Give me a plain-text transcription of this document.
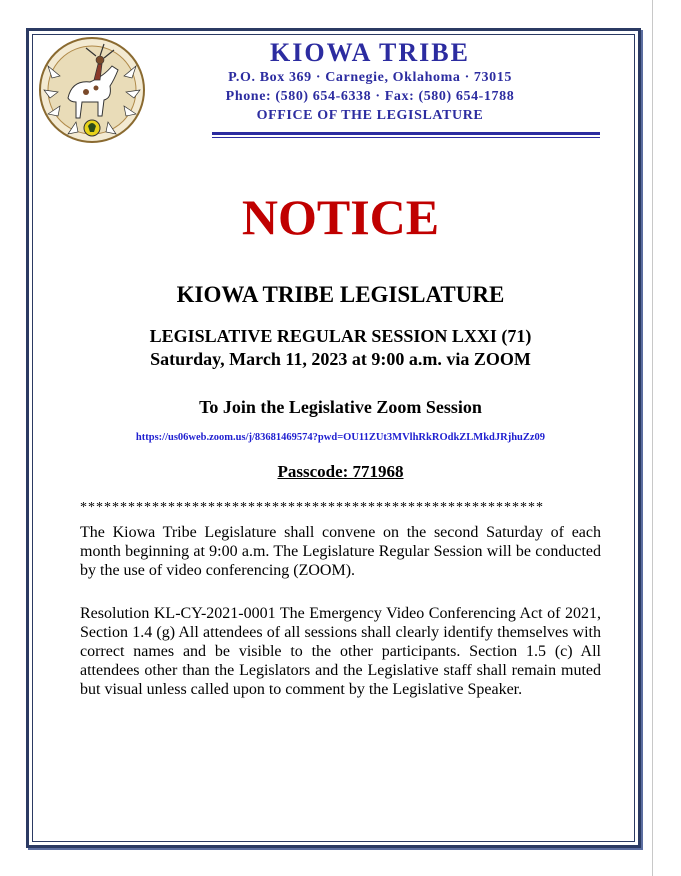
KIOWA TRIBE
P.O. Box 369 · Carnegie, Oklahoma · 73015
Phone: (580) 654-6338 · Fax: (580) 654-1788
OFFICE OF THE LEGISLATURE
NOTICE
KIOWA TRIBE LEGISLATURE
LEGISLATIVE REGULAR SESSION LXXI (71)
Saturday, March 11, 2023 at 9:00 a.m. via ZOOM
To Join the Legislative Zoom Session
https://us06web.zoom.us/j/83681469574?pwd=OU11ZUt3MVlhRkROdkZLMkdJRjhuZz09
Passcode: 771968
**********************************************************
The Kiowa Tribe Legislature shall convene on the second Saturday of each month beginning at 9:00 a.m. The Legislature Regular Session will be conducted by the use of video conferencing (ZOOM).
Resolution KL-CY-2021-0001 The Emergency Video Conferencing Act of 2021, Section 1.4 (g) All attendees of all sessions shall clearly identify themselves with correct names and be visible to the other participants. Section 1.5 (c) All attendees other than the Legislators and the Legislative staff shall remain muted but visual unless called upon to comment by the Legislative Speaker.
